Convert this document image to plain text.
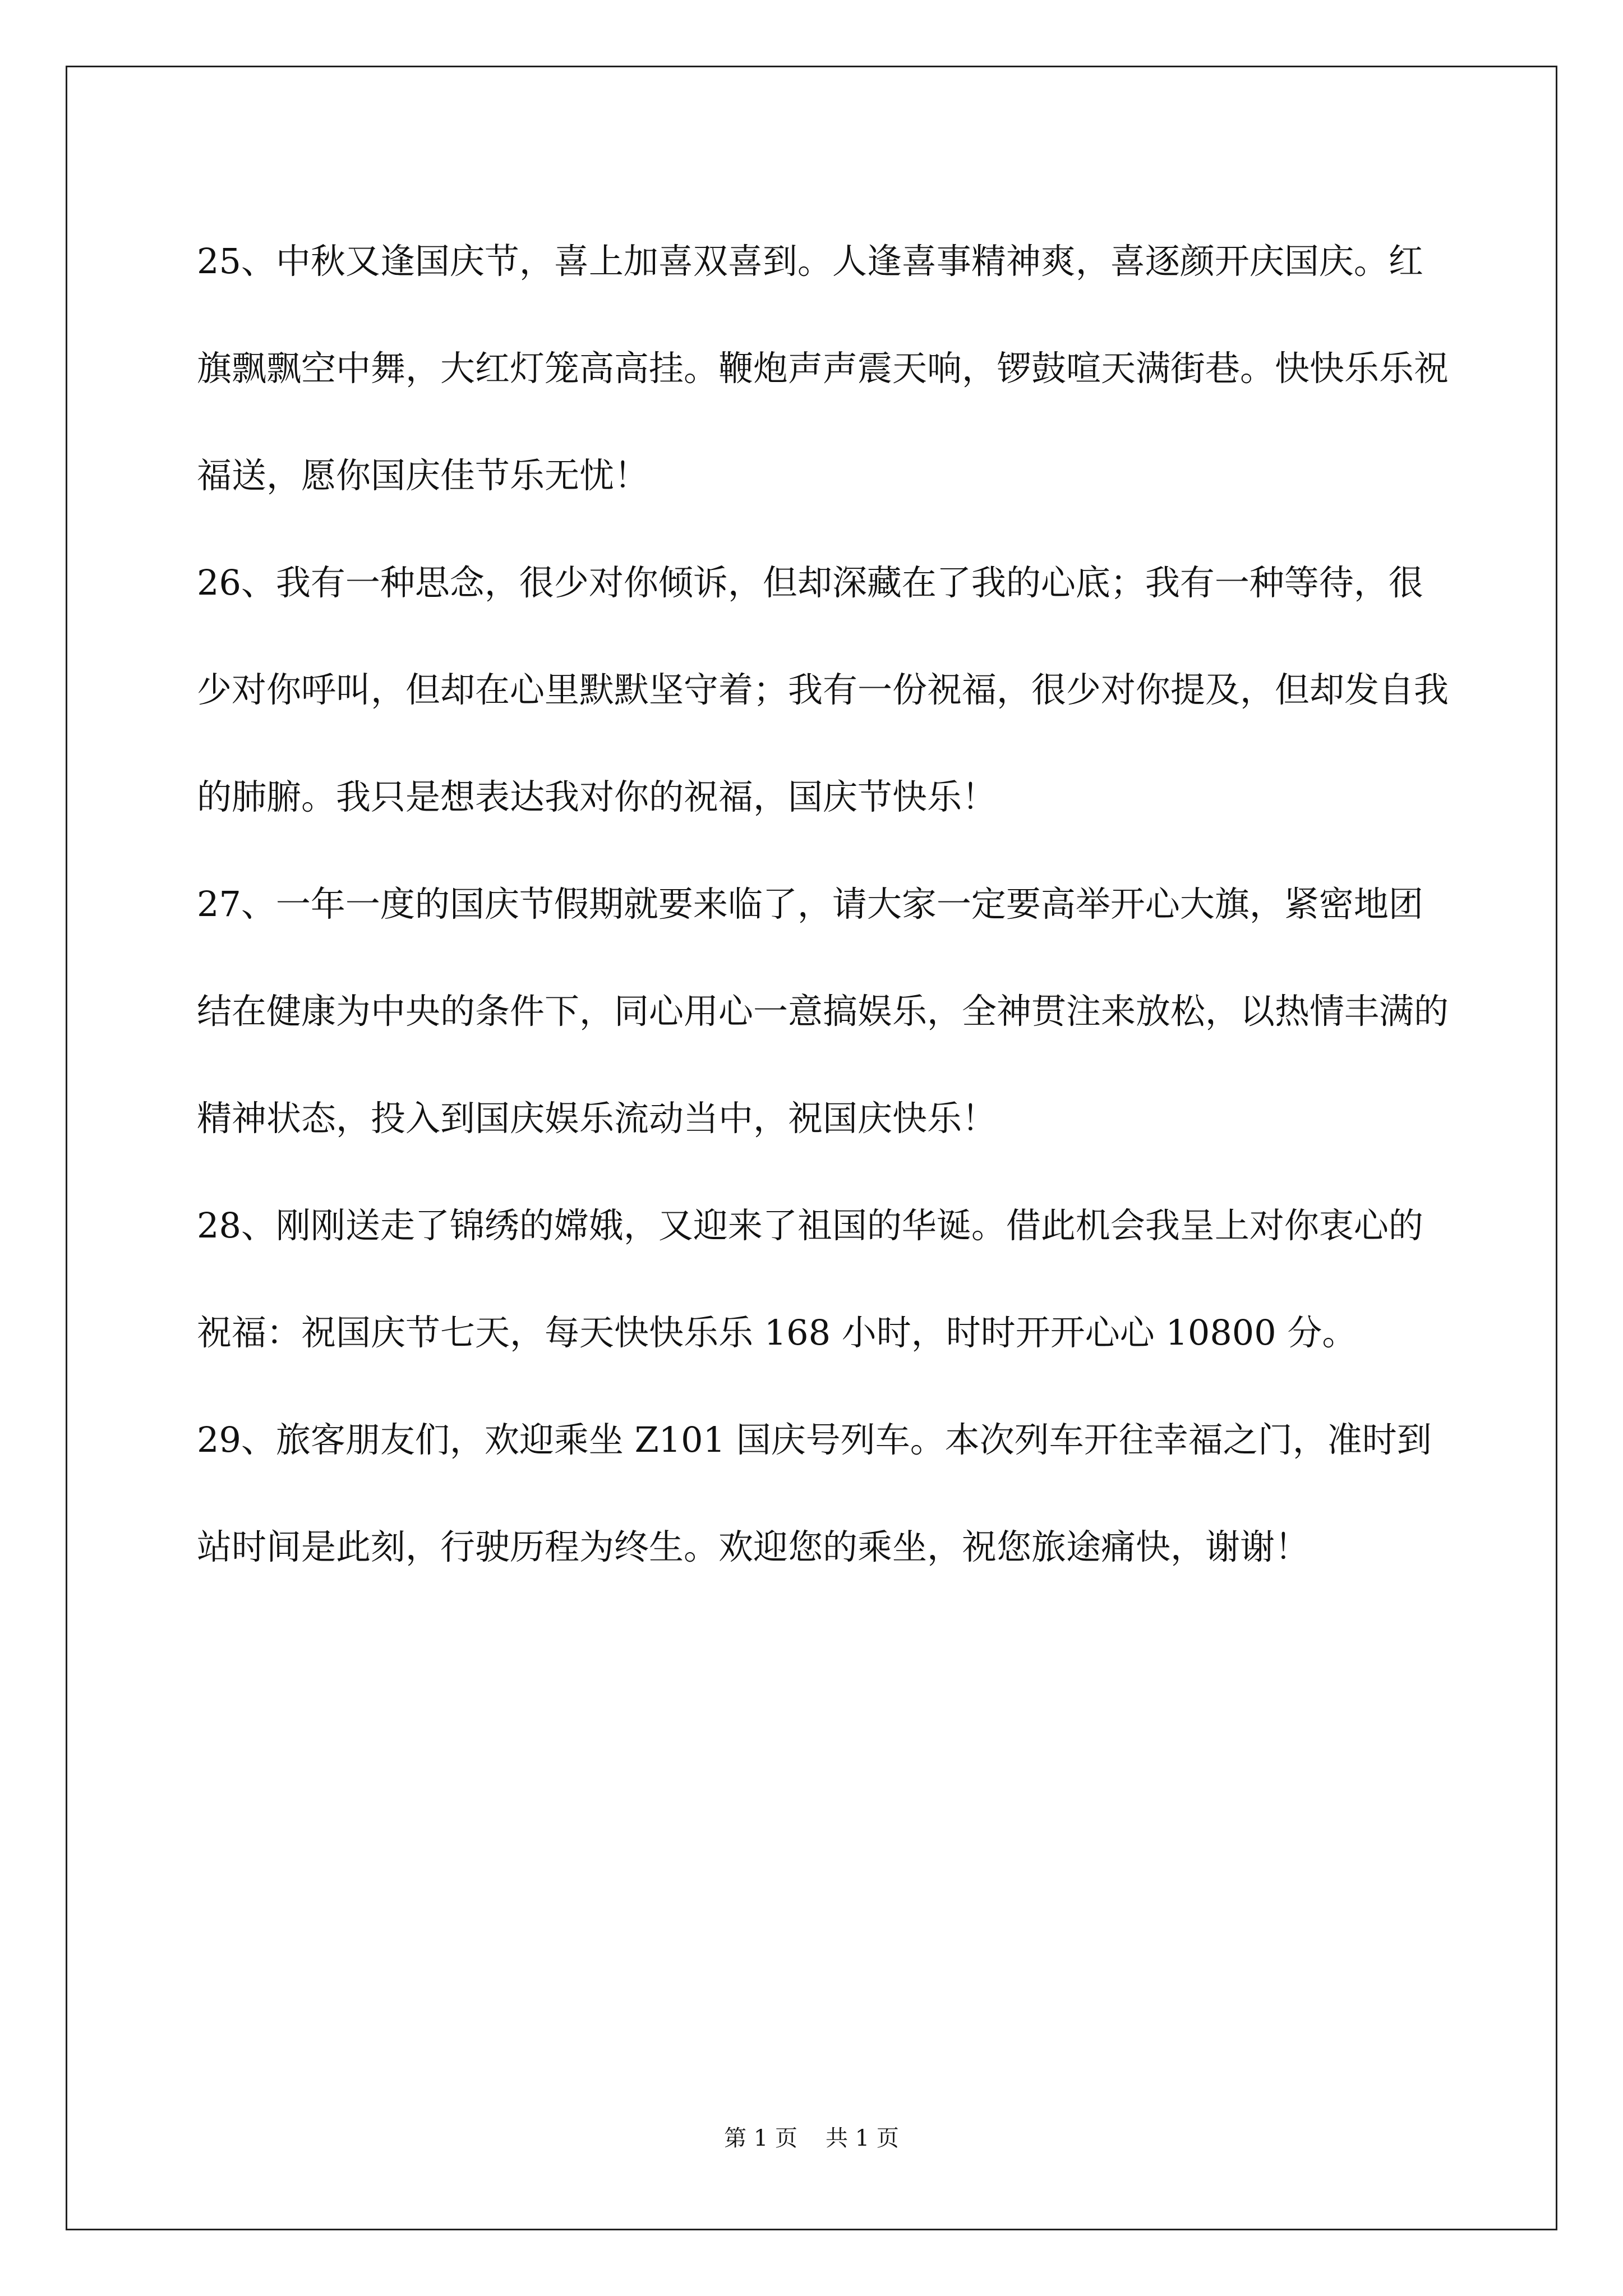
25、中秋又逢国庆节，喜上加喜双喜到。人逢喜事精神爽，喜逐颜开庆国庆。红旗飘飘空中舞，大红灯笼高高挂。鞭炮声声震天响，锣鼓喧天满街巷。快快乐乐祝福送，愿你国庆佳节乐无忧！

26、我有一种思念，很少对你倾诉，但却深藏在了我的心底；我有一种等待，很少对你呼叫，但却在心里默默坚守着；我有一份祝福，很少对你提及，但却发自我的肺腑。我只是想表达我对你的祝福，国庆节快乐！

27、一年一度的国庆节假期就要来临了，请大家一定要高举开心大旗，紧密地团结在健康为中央的条件下，同心用心一意搞娱乐，全神贯注来放松，以热情丰满的精神状态，投入到国庆娱乐流动当中，祝国庆快乐！

28、刚刚送走了锦绣的嫦娥，又迎来了祖国的华诞。借此机会我呈上对你衷心的祝福：祝国庆节七天，每天快快乐乐 168 小时，时时开开心心 10800 分。

29、旅客朋友们，欢迎乘坐 Z101 国庆号列车。本次列车开往幸福之门，准时到站时间是此刻，行驶历程为终生。欢迎您的乘坐，祝您旅途痛快，谢谢！

第 1 页 共 1 页
